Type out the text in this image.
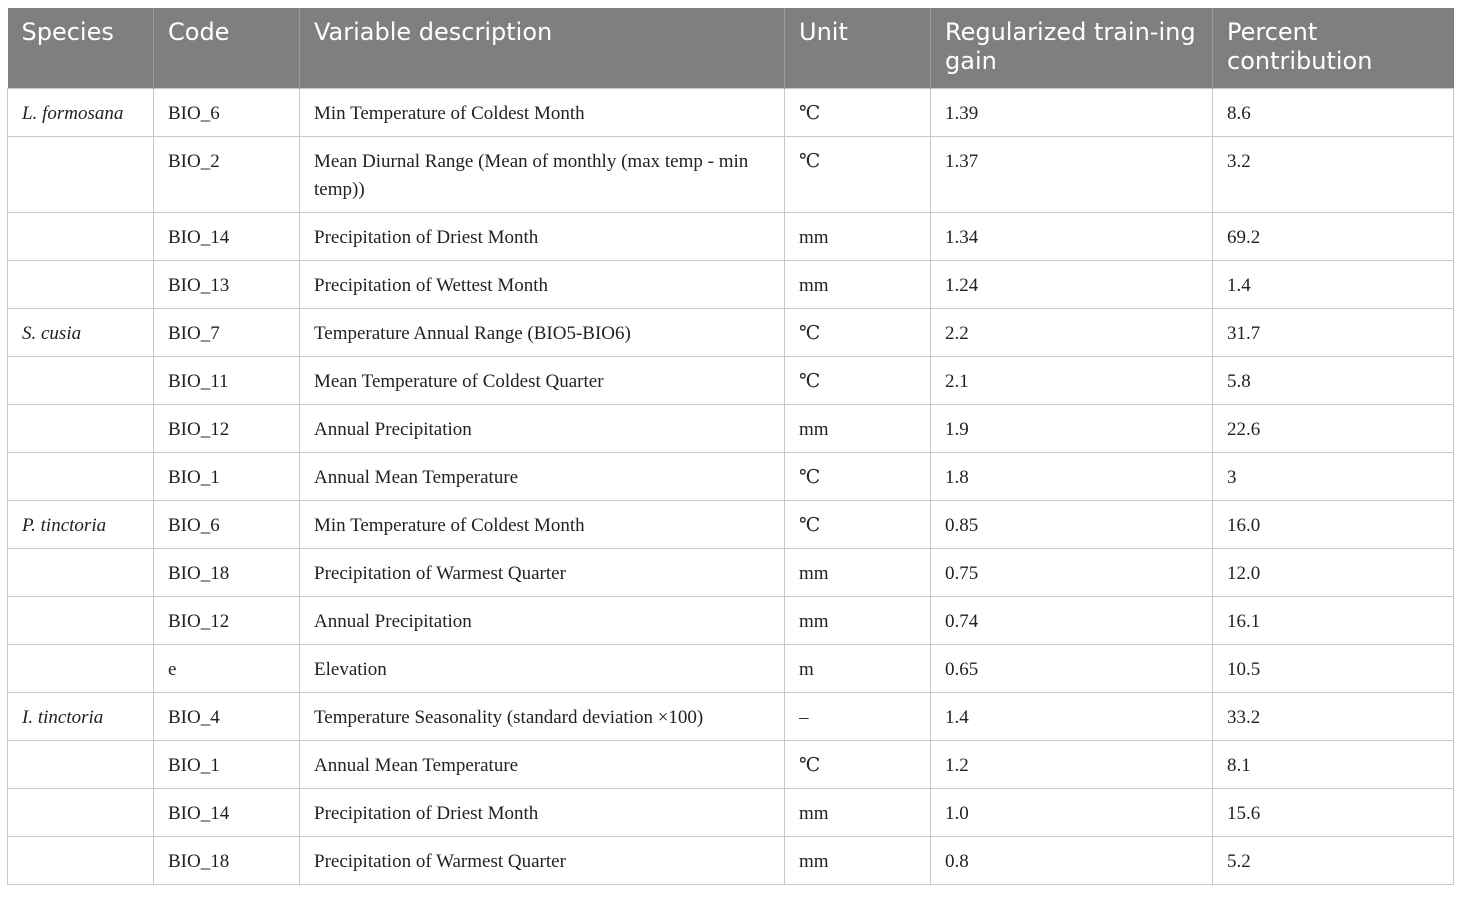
Species	Code	Variable description	Unit	Regularized train-ing gain	Percent contribution
L. formosana	BIO_6	Min Temperature of Coldest Month	℃	1.39	8.6
	BIO_2	Mean Diurnal Range (Mean of monthly (max temp - min temp))	℃	1.37	3.2
	BIO_14	Precipitation of Driest Month	mm	1.34	69.2
	BIO_13	Precipitation of Wettest Month	mm	1.24	1.4
S. cusia	BIO_7	Temperature Annual Range (BIO5-BIO6)	℃	2.2	31.7
	BIO_11	Mean Temperature of Coldest Quarter	℃	2.1	5.8
	BIO_12	Annual Precipitation	mm	1.9	22.6
	BIO_1	Annual Mean Temperature	℃	1.8	3
P. tinctoria	BIO_6	Min Temperature of Coldest Month	℃	0.85	16.0
	BIO_18	Precipitation of Warmest Quarter	mm	0.75	12.0
	BIO_12	Annual Precipitation	mm	0.74	16.1
	e	Elevation	m	0.65	10.5
I. tinctoria	BIO_4	Temperature Seasonality (standard deviation ×100)	–	1.4	33.2
	BIO_1	Annual Mean Temperature	℃	1.2	8.1
	BIO_14	Precipitation of Driest Month	mm	1.0	15.6
	BIO_18	Precipitation of Warmest Quarter	mm	0.8	5.2
